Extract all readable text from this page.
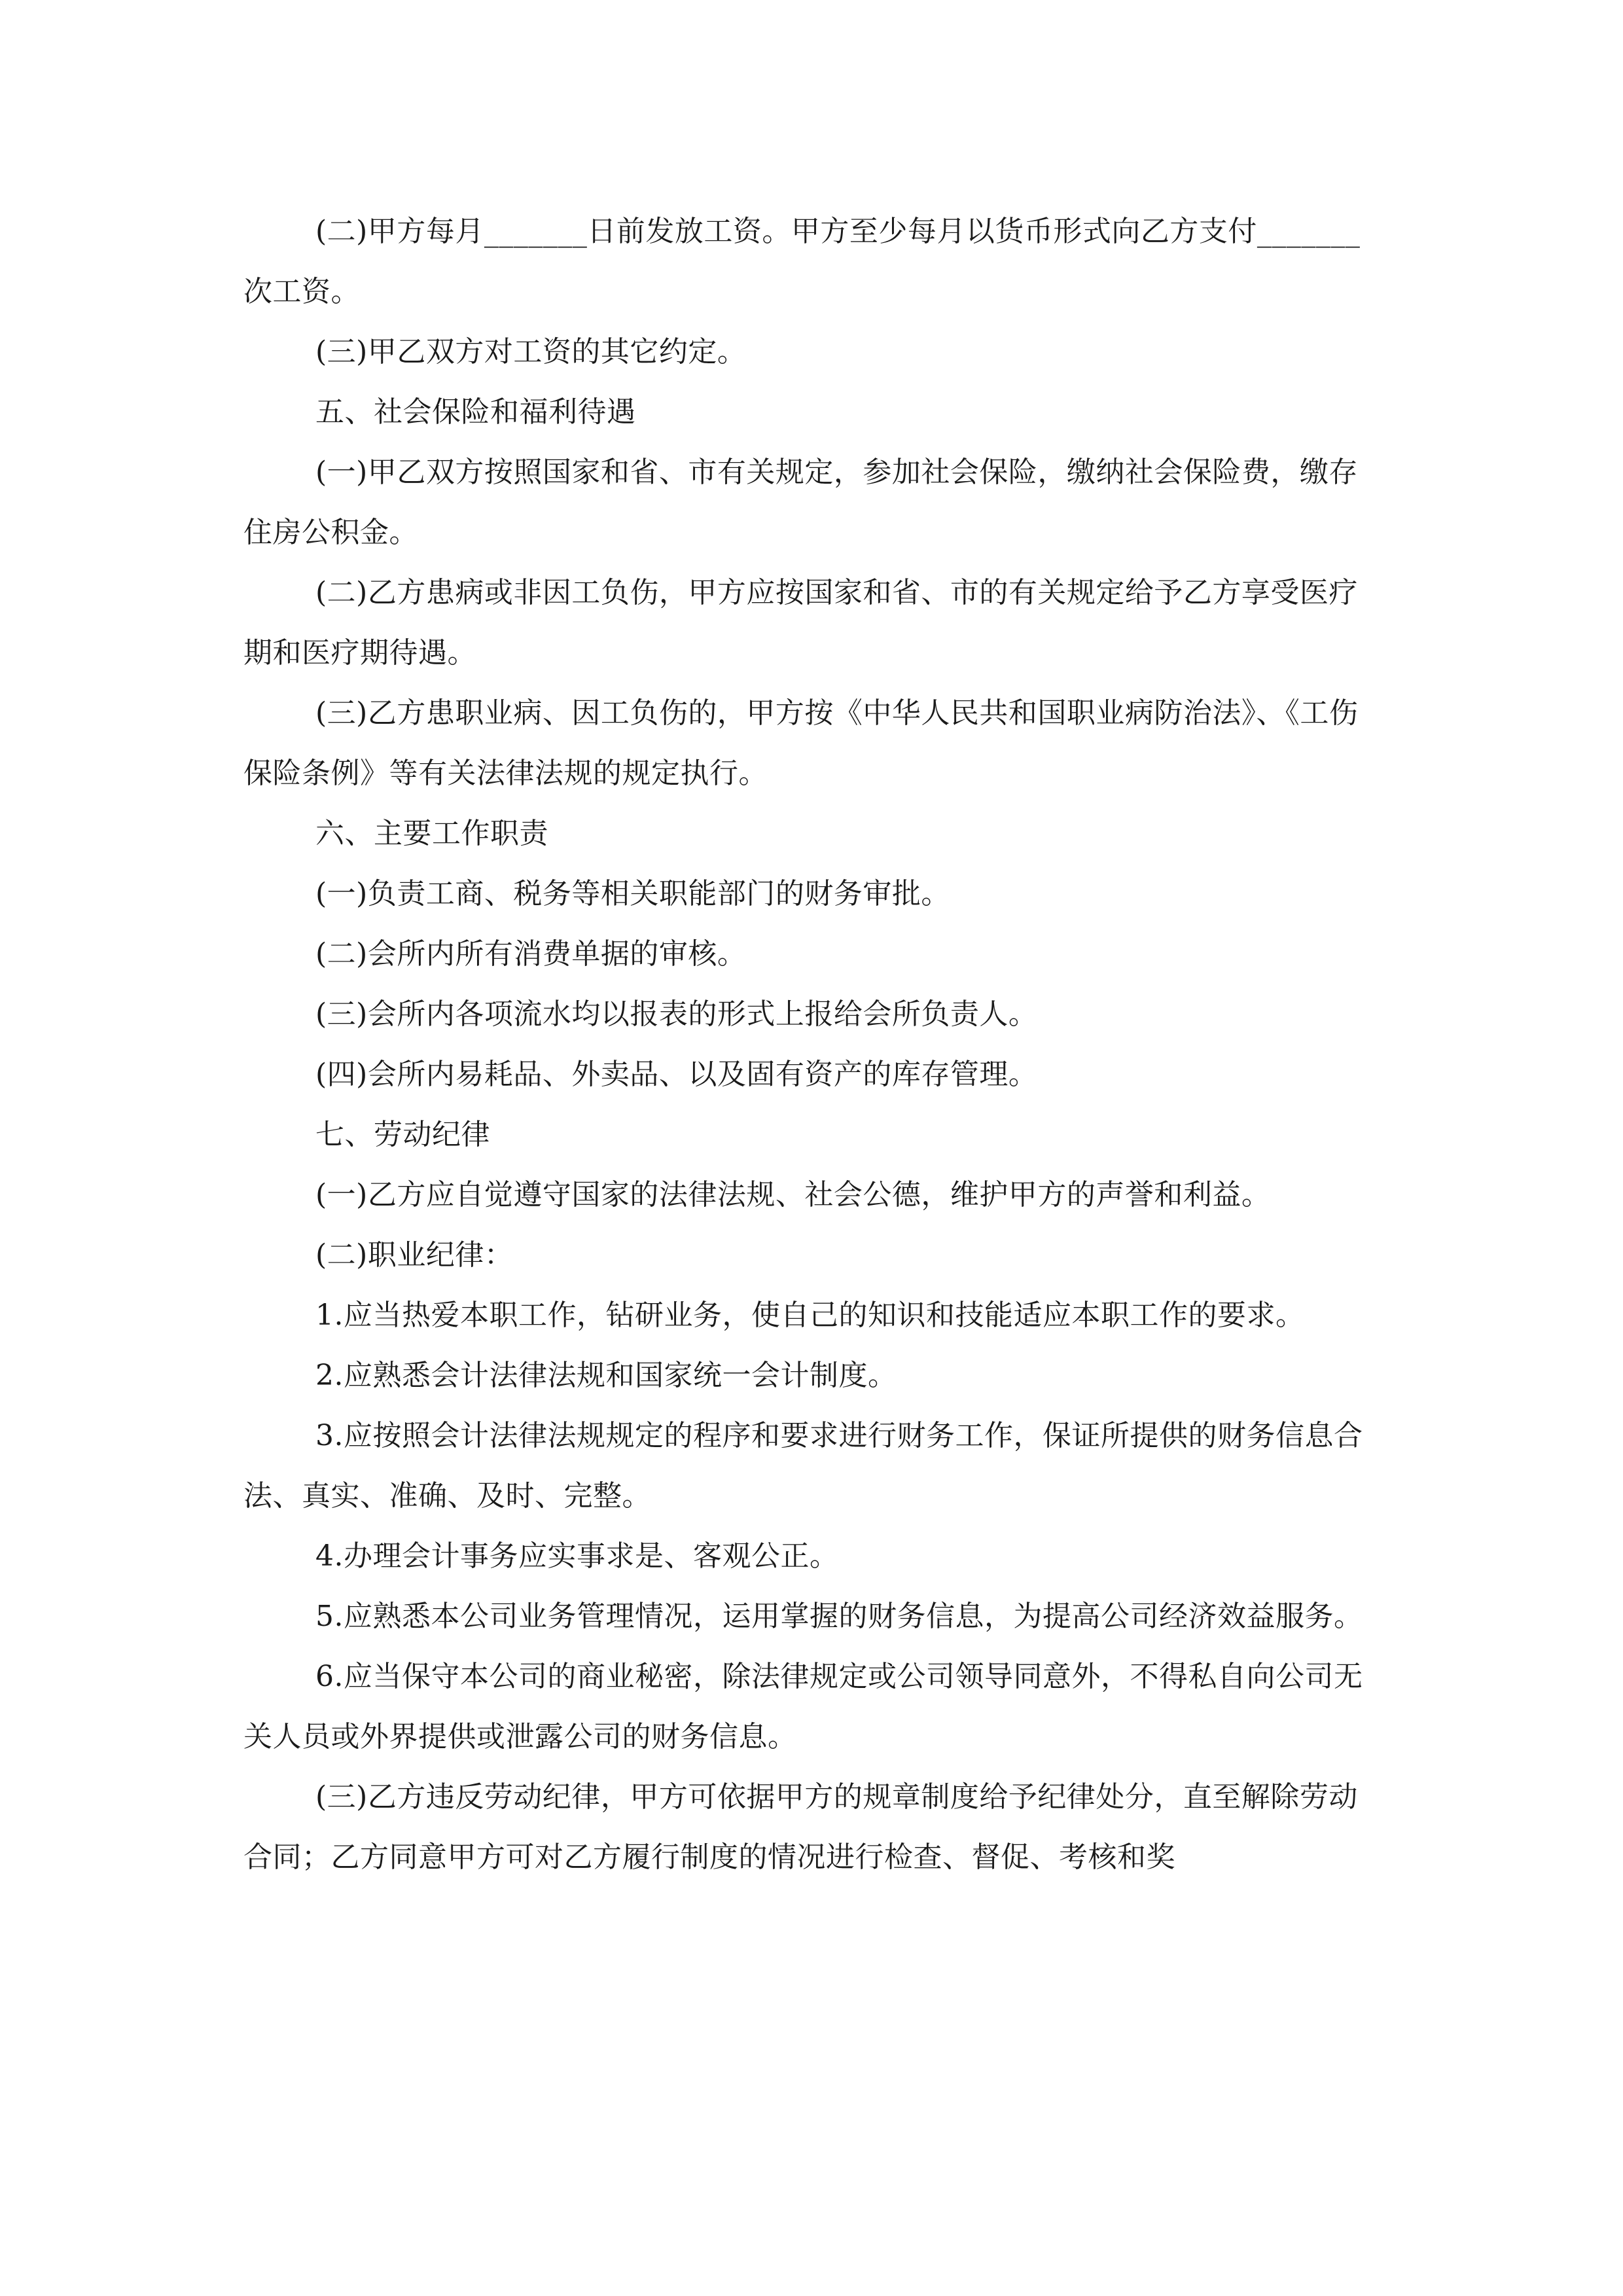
(二)甲方每月_______日前发放工资。甲方至少每月以货币形式向乙方支付_______次工资。

(三)甲乙双方对工资的其它约定。

五、社会保险和福利待遇

(一)甲乙双方按照国家和省、市有关规定，参加社会保险，缴纳社会保险费，缴存住房公积金。

(二)乙方患病或非因工负伤，甲方应按国家和省、市的有关规定给予乙方享受医疗期和医疗期待遇。

(三)乙方患职业病、因工负伤的，甲方按《中华人民共和国职业病防治法》、《工伤保险条例》等有关法律法规的规定执行。

六、主要工作职责

(一)负责工商、税务等相关职能部门的财务审批。

(二)会所内所有消费单据的审核。

(三)会所内各项流水均以报表的形式上报给会所负责人。

(四)会所内易耗品、外卖品、以及固有资产的库存管理。

七、劳动纪律

(一)乙方应自觉遵守国家的法律法规、社会公德，维护甲方的声誉和利益。

(二)职业纪律：

1.应当热爱本职工作，钻研业务，使自己的知识和技能适应本职工作的要求。

2.应熟悉会计法律法规和国家统一会计制度。

3.应按照会计法律法规规定的程序和要求进行财务工作，保证所提供的财务信息合法、真实、准确、及时、完整。

4.办理会计事务应实事求是、客观公正。

5.应熟悉本公司业务管理情况，运用掌握的财务信息，为提高公司经济效益服务。

6.应当保守本公司的商业秘密，除法律规定或公司领导同意外，不得私自向公司无关人员或外界提供或泄露公司的财务信息。

(三)乙方违反劳动纪律，甲方可依据甲方的规章制度给予纪律处分，直至解除劳动合同；乙方同意甲方可对乙方履行制度的情况进行检查、督促、考核和奖
